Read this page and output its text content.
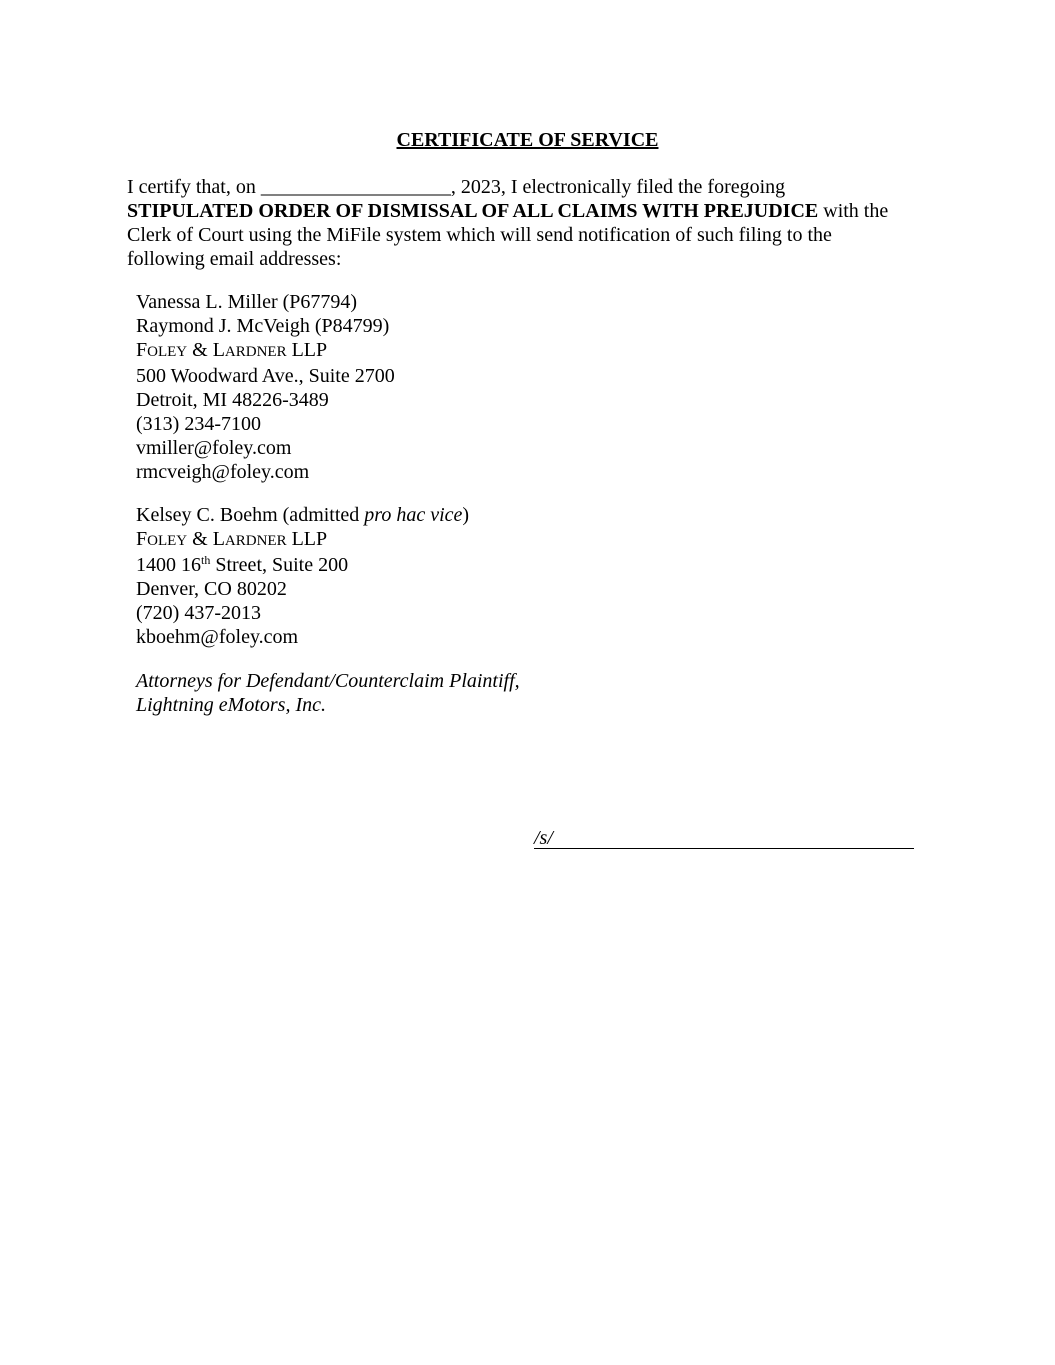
CERTIFICATE OF SERVICE
I certify that, on ___________________, 2023, I electronically filed the foregoing
STIPULATED ORDER OF DISMISSAL OF ALL CLAIMS WITH PREJUDICE with the
Clerk of Court using the MiFile system which will send notification of such filing to the
following email addresses:
Vanessa L. Miller (P67794)
Raymond J. McVeigh (P84799)
FOLEY & LARDNER LLP
500 Woodward Ave., Suite 2700
Detroit, MI 48226-3489
(313) 234-7100
vmiller@foley.com
rmcveigh@foley.com
Kelsey C. Boehm (admitted pro hac vice)
FOLEY & LARDNER LLP
1400 16th Street, Suite 200
Denver, CO 80202
(720) 437-2013
kboehm@foley.com
Attorneys for Defendant/Counterclaim Plaintiff,
Lightning eMotors, Inc.
/s/
